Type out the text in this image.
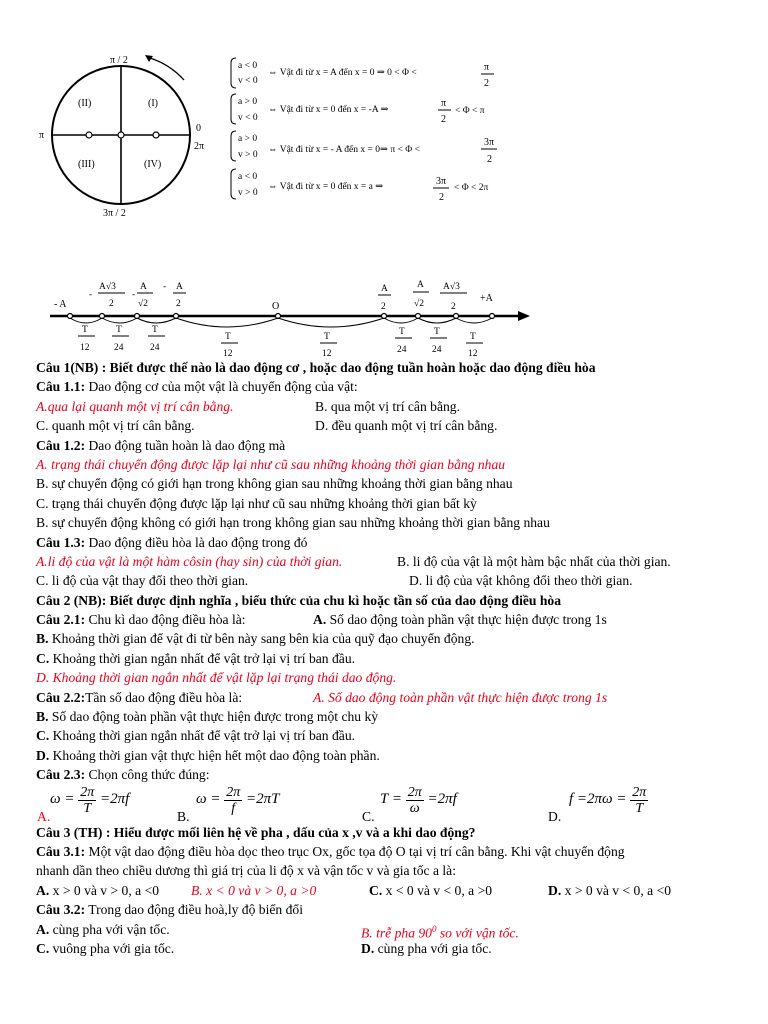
π / 2
3π / 2
π
0
2π
(II)	(I)
(III)	(IV)
a < 0
v < 0
⇔ Vật đi từ x = A đến x = 0 ⇒ 0 < Φ <	π
2
a > 0
v < 0
⇔ Vật đi từ x = 0 đến x = -A ⇒
π
2
< Φ < π
a > 0
v > 0 ⇔ Vật đi từ x = - A đến x = 0⇒ π < Φ <
3π
2
a < 0
v > 0
⇔ Vật đi từ x = 0 đến x = a ⇒	3π
2
< Φ < 2π
- A
+A
O
-
A√3
2
-
A
√2
- A
2
A
2
A
√2
A√3
2
T
12
T
24
T
24
T
12
T
12
T
24
T
24
T
12
Câu 1(NB) : Biết được thế nào là dao động cơ , hoặc dao động tuần hoàn hoặc dao động điều hòa
Câu 1.1: Dao động cơ của một vật là chuyển động của vật:
A.qua lại quanh một vị trí cân bằng.	B. qua một vị trí cân bằng.
C. quanh một vị trí cân bằng.	D. đều quanh một vị trí cân bằng.
Câu 1.2: Dao động tuần hoàn là dao động mà
A. trạng thái chuyển động được lặp lại như cũ sau những khoảng thời gian bằng nhau
B. sự chuyển động có giới hạn trong không gian sau những khoảng thời gian bằng nhau
C. trạng thái chuyển động được lặp lại như cũ sau những khoảng thời gian bất kỳ
B. sự chuyển động không có giới hạn trong không gian sau những khoảng thời gian bằng nhau
Câu 1.3: Dao động điều hòa là dao động trong đó
A.li độ của vật là một hàm côsin (hay sin) của thời gian.	B. li độ của vật là một hàm bậc nhất của thời gian.
C. li độ của vật thay đổi theo thời gian.	D. li độ của vật không đổi theo thời gian.
Câu 2 (NB): Biết được định nghĩa , biểu thức của chu kì hoặc tần số của dao động điều hòa
Câu 2.1: Chu kì dao động điều hòa là:	A. Số dao động toàn phần vật thực hiện được trong 1s
B. Khoảng thời gian để vật đi từ bên này sang bên kia của quỹ đạo chuyển động.
C. Khoảng thời gian ngắn nhất để vật trở lại vị trí ban đầu.
D. Khoảng thời gian ngắn nhất để vật lặp lại trạng thái dao động.
Câu 2.2:Tần số dao động điều hòa là:	A. Số dao động toàn phần vật thực hiện được trong 1s
B. Số dao động toàn phần vật thực hiện được trong một chu kỳ
C. Khoảng thời gian ngắn nhất để vật trở lại vị trí ban đầu.
D. Khoảng thời gian vật thực hiện hết một dao động toàn phần.
Câu 2.3: Chọn công thức đúng:
A.
$\omega = \frac{2\pi}{T} =2\pi f$
B.
$\omega = \frac{2\pi}{f} =2\pi T$
C.
$T = \frac{2\pi}{\omega} =2\pi f$
D.
$f =2\pi\omega = \frac{2\pi}{T}$
Câu 3 (TH) : Hiểu được mối liên hệ về pha , dấu của x ,v và a khi dao động?
Câu 3.1: Một vật dao động điều hòa dọc theo trục Ox, gốc tọa độ O tại vị trí cân bằng. Khi vật chuyển động
nhanh dần theo chiều dương thì giá trị của li độ x và vận tốc v và gia tốc a là:
A. x > 0 và v > 0, a <0 B. x < 0 và v > 0, a >0	C. x < 0 và v < 0, a >0	D. x > 0 và v < 0, a <0
Câu 3.2: Trong dao động điều hoà,ly độ biến đổi
A. cùng pha với vận tốc.	B. trễ pha $90^0$ so với vận tốc.
C. vuông pha với gia tốc.	D. cùng pha với gia tốc.
